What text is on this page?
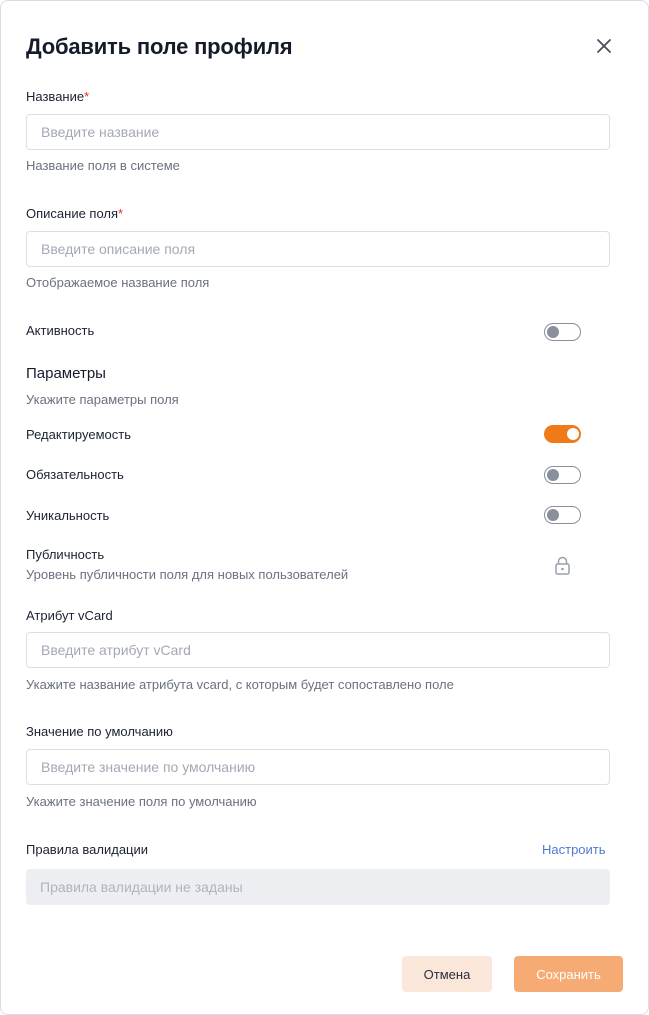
Добавить поле профиля
Название*
Введите название
Название поля в системе
Описание поля*
Введите описание поля
Отображаемое название поля
Активность
Параметры
Укажите параметры поля
Редактируемость
Обязательность
Уникальность
Публичность
Уровень публичности поля для новых пользователей
Атрибут vCard
Введите атрибут vCard
Укажите название атрибута vcard, с которым будет сопоставлено поле
Значение по умолчанию
Введите значение по умолчанию
Укажите значение поля по умолчанию
Правила валидации	Настроить
Правила валидации не заданы
Отмена	Сохранить
